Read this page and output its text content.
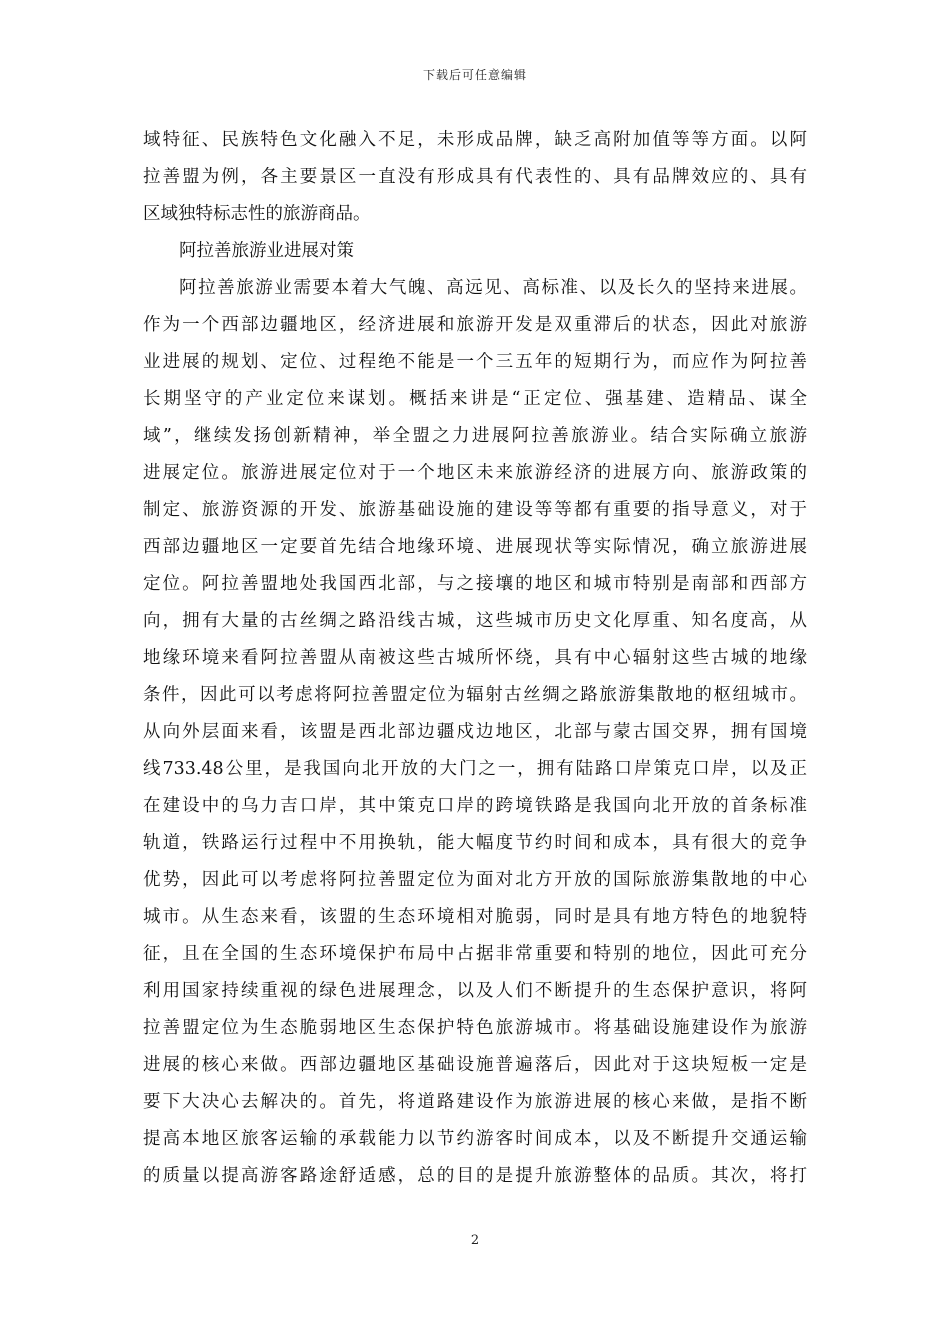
下载后可任意编辑
域特征、民族特色文化融入不足，未形成品牌，缺乏高附加值等等方面。以阿
拉善盟为例，各主要景区一直没有形成具有代表性的、具有品牌效应的、具有
区域独特标志性的旅游商品。
阿拉善旅游业进展对策
阿拉善旅游业需要本着大气魄、高远见、高标准、以及长久的坚持来进展。
作为一个西部边疆地区，经济进展和旅游开发是双重滞后的状态，因此对旅游
业进展的规划、定位、过程绝不能是一个三五年的短期行为，而应作为阿拉善
长期坚守的产业定位来谋划。概括来讲是“正定位、强基建、造精品、谋全
域”，继续发扬创新精神，举全盟之力进展阿拉善旅游业。结合实际确立旅游
进展定位。旅游进展定位对于一个地区未来旅游经济的进展方向、旅游政策的
制定、旅游资源的开发、旅游基础设施的建设等等都有重要的指导意义，对于
西部边疆地区一定要首先结合地缘环境、进展现状等实际情况，确立旅游进展
定位。阿拉善盟地处我国西北部，与之接壤的地区和城市特别是南部和西部方
向，拥有大量的古丝绸之路沿线古城，这些城市历史文化厚重、知名度高，从
地缘环境来看阿拉善盟从南被这些古城所怀绕，具有中心辐射这些古城的地缘
条件，因此可以考虑将阿拉善盟定位为辐射古丝绸之路旅游集散地的枢纽城市。
从向外层面来看，该盟是西北部边疆戍边地区，北部与蒙古国交界，拥有国境
线733.48公里，是我国向北开放的大门之一，拥有陆路口岸策克口岸，以及正
在建设中的乌力吉口岸，其中策克口岸的跨境铁路是我国向北开放的首条标准
轨道，铁路运行过程中不用换轨，能大幅度节约时间和成本，具有很大的竞争
优势，因此可以考虑将阿拉善盟定位为面对北方开放的国际旅游集散地的中心
城市。从生态来看，该盟的生态环境相对脆弱，同时是具有地方特色的地貌特
征，且在全国的生态环境保护布局中占据非常重要和特别的地位，因此可充分
利用国家持续重视的绿色进展理念，以及人们不断提升的生态保护意识，将阿
拉善盟定位为生态脆弱地区生态保护特色旅游城市。将基础设施建设作为旅游
进展的核心来做。西部边疆地区基础设施普遍落后，因此对于这块短板一定是
要下大决心去解决的。首先，将道路建设作为旅游进展的核心来做，是指不断
提高本地区旅客运输的承载能力以节约游客时间成本，以及不断提升交通运输
的质量以提高游客路途舒适感，总的目的是提升旅游整体的品质。其次，将打
2
